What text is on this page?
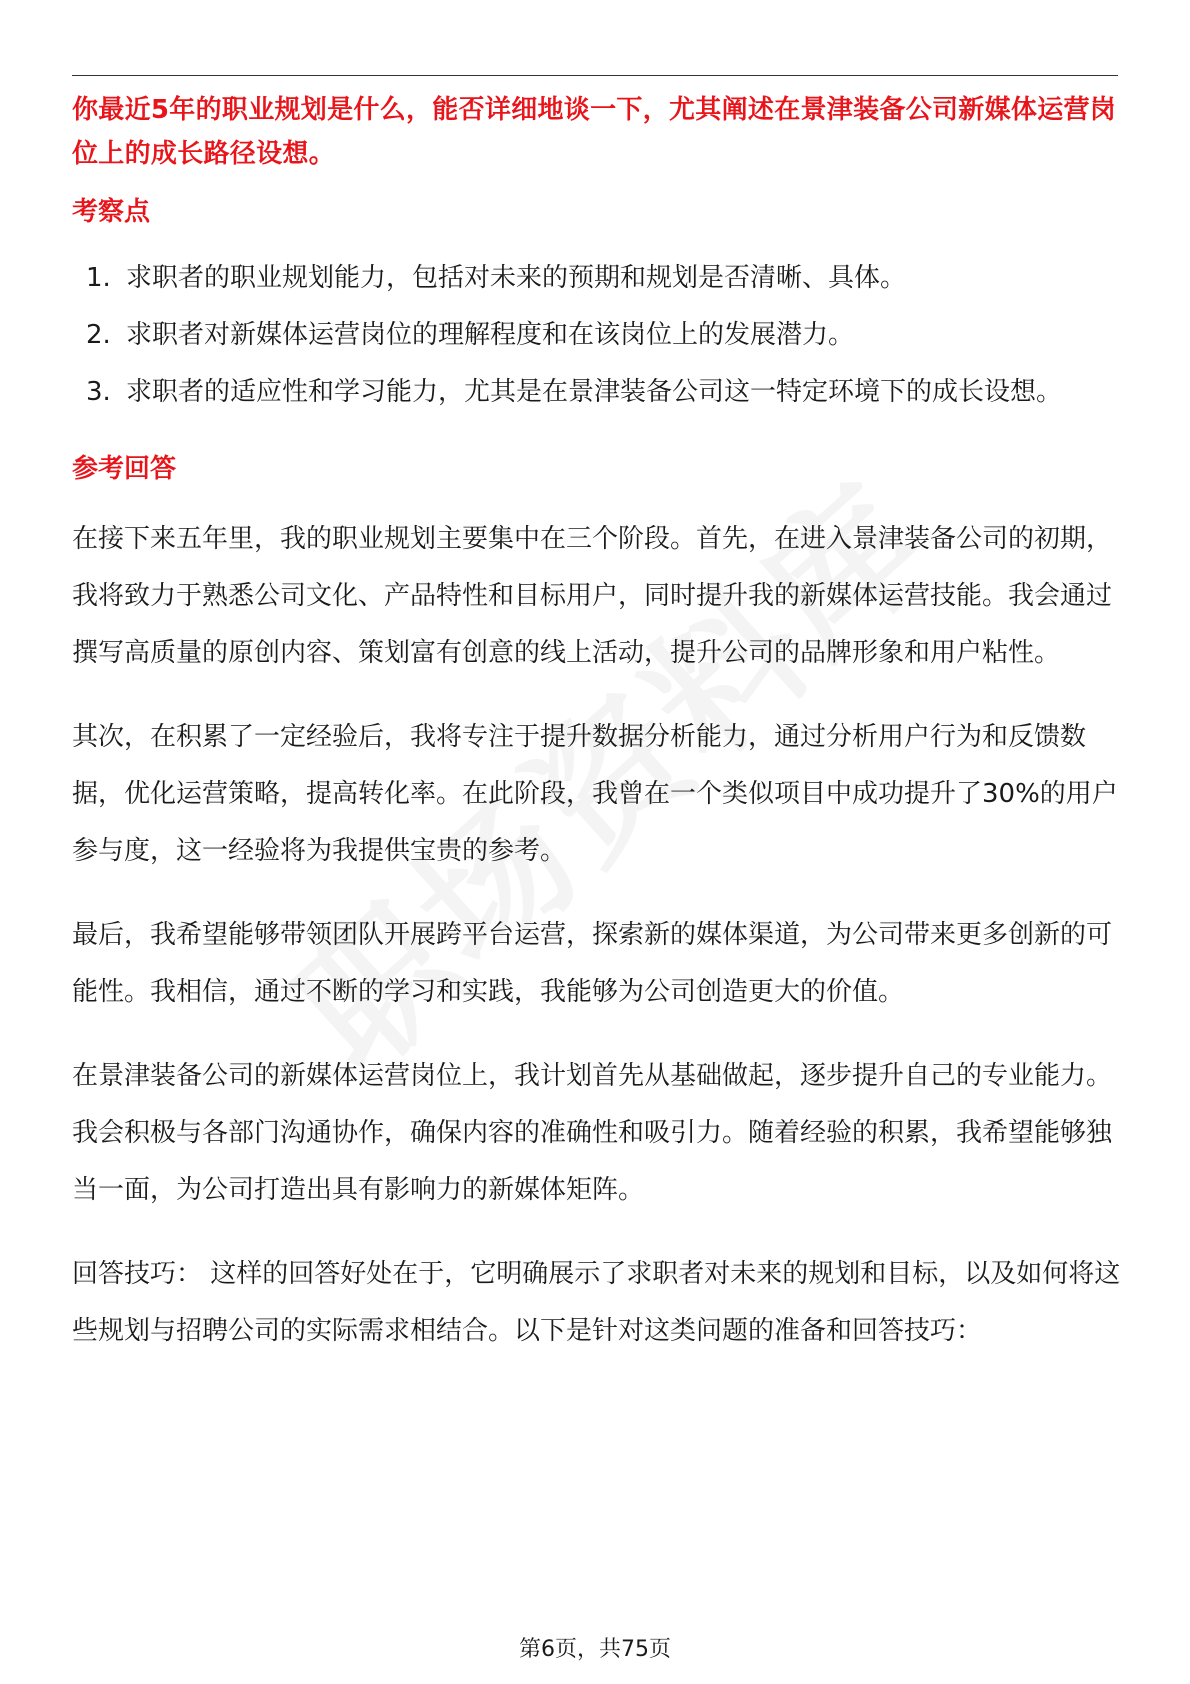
你最近5年的职业规划是什么，能否详细地谈一下，尤其阐述在景津装备公司新媒体运营岗位上的成长路径设想。

考察点

1. 求职者的职业规划能力，包括对未来的预期和规划是否清晰、具体。
2. 求职者对新媒体运营岗位的理解程度和在该岗位上的发展潜力。
3. 求职者的适应性和学习能力，尤其是在景津装备公司这一特定环境下的成长设想。

参考回答

在接下来五年里，我的职业规划主要集中在三个阶段。首先，在进入景津装备公司的初期，我将致力于熟悉公司文化、产品特性和目标用户，同时提升我的新媒体运营技能。我会通过撰写高质量的原创内容、策划富有创意的线上活动，提升公司的品牌形象和用户粘性。

其次，在积累了一定经验后，我将专注于提升数据分析能力，通过分析用户行为和反馈数据，优化运营策略，提高转化率。在此阶段，我曾在一个类似项目中成功提升了30%的用户参与度，这一经验将为我提供宝贵的参考。

最后，我希望能够带领团队开展跨平台运营，探索新的媒体渠道，为公司带来更多创新的可能性。我相信，通过不断的学习和实践，我能够为公司创造更大的价值。

在景津装备公司的新媒体运营岗位上，我计划首先从基础做起，逐步提升自己的专业能力。我会积极与各部门沟通协作，确保内容的准确性和吸引力。随着经验的积累，我希望能够独当一面，为公司打造出具有影响力的新媒体矩阵。

回答技巧： 这样的回答好处在于，它明确展示了求职者对未来的规划和目标，以及如何将这些规划与招聘公司的实际需求相结合。以下是针对这类问题的准备和回答技巧：

第6页，共75页
